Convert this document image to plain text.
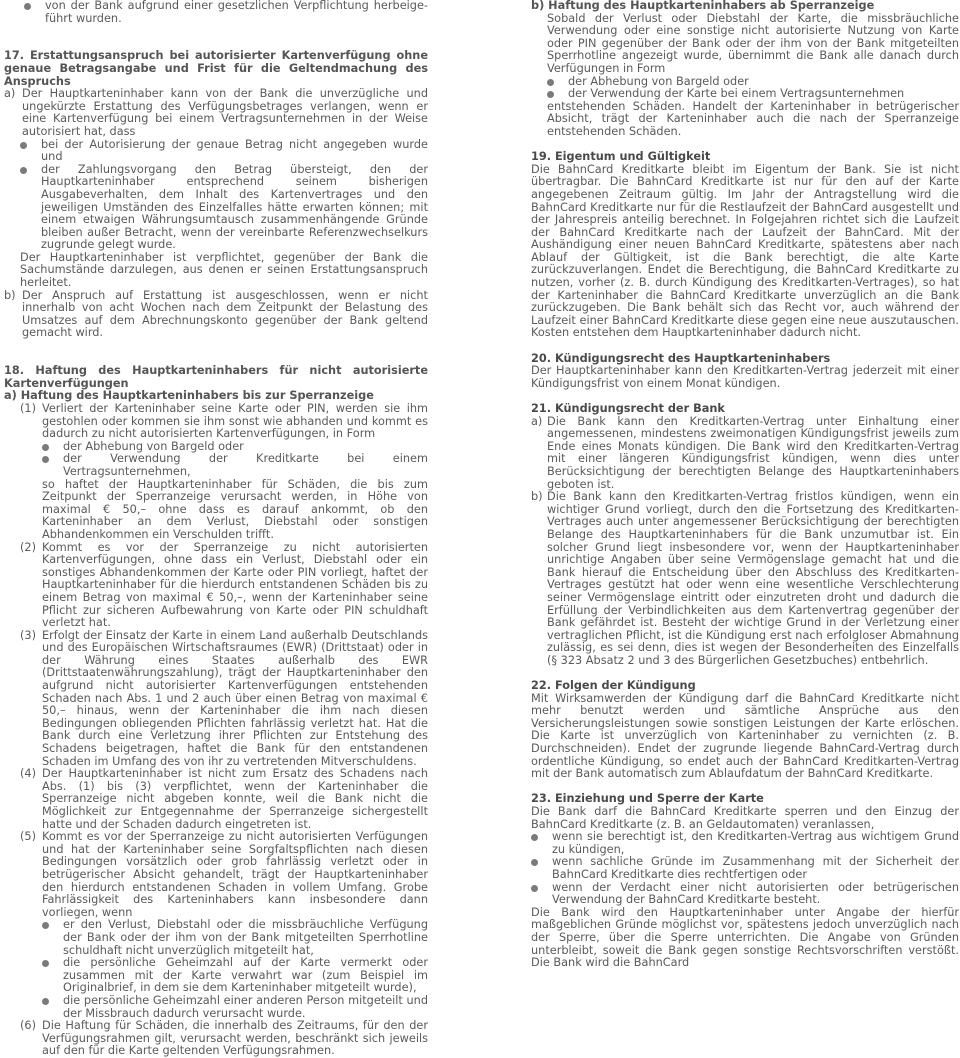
von der Bank aufgrund einer gesetzlichen Verpflichtung herbeige- führt wurden.

17. Erstattungsanspruch bei autorisierter Kartenverfügung ohne genaue Betragsangabe und Frist für die Geltendmachung des Anspruchs

a) Der Hauptkarteninhaber kann von der Bank die unverzügliche und ungekürzte Erstattung des Verfügungsbetrages verlangen, wenn er eine Kartenverfügung bei einem Vertragsunternehmen in der Weise autorisiert hat, dass

bei der Autorisierung der genaue Betrag nicht angegeben wurde und

der Zahlungsvorgang den Betrag übersteigt, den der Hauptkarteninhaber entsprechend seinem bisherigen Ausgabeverhalten, dem Inhalt des Kartenvertrages und den jeweiligen Umständen des Einzelfalles hätte erwarten können; mit einem etwaigen Währungsumtausch zusammenhängende Gründe bleiben außer Betracht, wenn der vereinbarte Referenzwechselkurs zugrunde gelegt wurde.

Der Hauptkarteninhaber ist verpflichtet, gegenüber der Bank die Sachumstände darzulegen, aus denen er seinen Erstattungsanspruch herleitet.

b) Der Anspruch auf Erstattung ist ausgeschlossen, wenn er nicht innerhalb von acht Wochen nach dem Zeitpunkt der Belastung des Umsatzes auf dem Abrechnungskonto gegenüber der Bank geltend gemacht wird.

18. Haftung des Hauptkarteninhabers für nicht autorisierte Kartenverfügungen

a) Haftung des Hauptkarteninhabers bis zur Sperranzeige

(1) Verliert der Karteninhaber seine Karte oder PIN, werden sie ihm gestohlen oder kommen sie ihm sonst wie abhanden und kommt es dadurch zu nicht autorisierten Kartenverfügungen, in Form

der Abhebung von Bargeld oder

der Verwendung der Kreditkarte bei einem Vertragsunternehmen,

so haftet der Hauptkarteninhaber für Schäden, die bis zum Zeitpunkt der Sperranzeige verursacht werden, in Höhe von maximal € 50,– ohne dass es darauf ankommt, ob den Karteninhaber an dem Verlust, Diebstahl oder sonstigen Abhandenkommen ein Verschulden trifft.

(2) Kommt es vor der Sperranzeige zu nicht autorisierten Kartenverfügungen, ohne dass ein Verlust, Diebstahl oder ein sonstiges Abhandenkommen der Karte oder PIN vorliegt, haftet der Hauptkarteninhaber für die hierdurch entstandenen Schäden bis zu einem Betrag von maximal € 50,–, wenn der Karteninhaber seine Pflicht zur sicheren Aufbewahrung von Karte oder PIN schuldhaft verletzt hat.

(3) Erfolgt der Einsatz der Karte in einem Land außerhalb Deutschlands und des Europäischen Wirtschaftsraumes (EWR) (Drittstaat) oder in der Währung eines Staates außerhalb des EWR (Drittstaatenwährungszahlung), trägt der Hauptkarteninhaber den aufgrund nicht autorisierter Kartenverfügungen entstehenden Schaden nach Abs. 1 und 2 auch über einen Betrag von maximal € 50,– hinaus, wenn der Karteninhaber die ihm nach diesen Bedingungen obliegenden Pflichten fahrlässig verletzt hat. Hat die Bank durch eine Verletzung ihrer Pflichten zur Entstehung des Schadens beigetragen, haftet die Bank für den entstandenen Schaden im Umfang des von ihr zu vertretenden Mitverschuldens.

(4) Der Hauptkarteninhaber ist nicht zum Ersatz des Schadens nach Abs. (1) bis (3) verpflichtet, wenn der Karteninhaber die Sperranzeige nicht abgeben konnte, weil die Bank nicht die Möglichkeit zur Entgegennahme der Sperranzeige sichergestellt hatte und der Schaden dadurch eingetreten ist.

(5) Kommt es vor der Sperranzeige zu nicht autorisierten Verfügungen und hat der Karteninhaber seine Sorgfaltspflichten nach diesen Bedingungen vorsätzlich oder grob fahrlässig verletzt oder in betrügerischer Absicht gehandelt, trägt der Hauptkarteninhaber den hierdurch entstandenen Schaden in vollem Umfang. Grobe Fahrlässigkeit des Karteninhabers kann insbesondere dann vorliegen, wenn

er den Verlust, Diebstahl oder die missbräuchliche Verfügung der Bank oder der ihm von der Bank mitgeteilten Sperrhotline schuldhaft nicht unverzüglich mitgeteilt hat,

die persönliche Geheimzahl auf der Karte vermerkt oder zusammen mit der Karte verwahrt war (zum Beispiel im Originalbrief, in dem sie dem Karteninhaber mitgeteilt wurde),

die persönliche Geheimzahl einer anderen Person mitgeteilt und der Missbrauch dadurch verursacht wurde.

(6) Die Haftung für Schäden, die innerhalb des Zeitraums, für den der Verfügungsrahmen gilt, verursacht werden, beschränkt sich jeweils auf den für die Karte geltenden Verfügungsrahmen.

b) Haftung des Hauptkarteninhabers ab Sperranzeige

Sobald der Verlust oder Diebstahl der Karte, die missbräuchliche Verwendung oder eine sonstige nicht autorisierte Nutzung von Karte oder PIN gegenüber der Bank oder der ihm von der Bank mitgeteilten Sperrhotline angezeigt wurde, übernimmt die Bank alle danach durch Verfügungen in Form

der Abhebung von Bargeld oder

der Verwendung der Karte bei einem Vertragsunternehmen

entstehenden Schäden. Handelt der Karteninhaber in betrügerischer Absicht, trägt der Karteninhaber auch die nach der Sperranzeige entstehenden Schäden.

19. Eigentum und Gültigkeit

Die BahnCard Kreditkarte bleibt im Eigentum der Bank. Sie ist nicht übertragbar. Die BahnCard Kreditkarte ist nur für den auf der Karte angegebenen Zeitraum gültig. Im Jahr der Antragstellung wird die BahnCard Kreditkarte nur für die Restlaufzeit der BahnCard ausgestellt und der Jahrespreis anteilig berechnet. In Folgejahren richtet sich die Laufzeit der BahnCard Kreditkarte nach der Laufzeit der BahnCard. Mit der Aushändigung einer neuen BahnCard Kreditkarte, spätestens aber nach Ablauf der Gültigkeit, ist die Bank berechtigt, die alte Karte zurückzuverlangen. Endet die Berechtigung, die BahnCard Kreditkarte zu nutzen, vorher (z. B. durch Kündigung des Kreditkarten-Vertrages), so hat der Karteninhaber die BahnCard Kreditkarte unverzüglich an die Bank zurückzugeben. Die Bank behält sich das Recht vor, auch während der Laufzeit einer BahnCard Kreditkarte diese gegen eine neue auszutauschen. Kosten entstehen dem Hauptkarteninhaber dadurch nicht.

20. Kündigungsrecht des Hauptkarteninhabers

Der Hauptkarteninhaber kann den Kreditkarten-Vertrag jederzeit mit einer Kündigungsfrist von einem Monat kündigen.

21. Kündigungsrecht der Bank

a) Die Bank kann den Kreditkarten-Vertrag unter Einhaltung einer angemessenen, mindestens zweimonatigen Kündigungsfrist jeweils zum Ende eines Monats kündigen. Die Bank wird den Kreditkarten-Vertrag mit einer längeren Kündigungsfrist kündigen, wenn dies unter Berücksichtigung der berechtigten Belange des Hauptkarteninhabers geboten ist.

b) Die Bank kann den Kreditkarten-Vertrag fristlos kündigen, wenn ein wichtiger Grund vorliegt, durch den die Fortsetzung des Kreditkarten-Vertrages auch unter angemessener Berücksichtigung der berechtigten Belange des Hauptkarteninhabers für die Bank unzumutbar ist. Ein solcher Grund liegt insbesondere vor, wenn der Hauptkarteninhaber unrichtige Angaben über seine Vermögenslage gemacht hat und die Bank hierauf die Entscheidung über den Abschluss des Kreditkarten-Vertrages gestützt hat oder wenn eine wesentliche Verschlechterung seiner Vermögenslage eintritt oder einzutreten droht und dadurch die Erfüllung der Verbindlichkeiten aus dem Kartenvertrag gegenüber der Bank gefährdet ist. Besteht der wichtige Grund in der Verletzung einer vertraglichen Pflicht, ist die Kündigung erst nach erfolgloser Abmahnung zulässig, es sei denn, dies ist wegen der Besonderheiten des Einzelfalls (§ 323 Absatz 2 und 3 des Bürgerlichen Gesetzbuches) entbehrlich.

22. Folgen der Kündigung

Mit Wirksamwerden der Kündigung darf die BahnCard Kreditkarte nicht mehr benutzt werden und sämtliche Ansprüche aus den Versicherungsleistungen sowie sonstigen Leistungen der Karte erlöschen. Die Karte ist unverzüglich von Karteninhaber zu vernichten (z. B. Durchschneiden). Endet der zugrunde liegende BahnCard-Vertrag durch ordentliche Kündigung, so endet auch der BahnCard Kreditkarten-Vertrag mit der Bank automatisch zum Ablaufdatum der BahnCard Kreditkarte.

23. Einziehung und Sperre der Karte

Die Bank darf die BahnCard Kreditkarte sperren und den Einzug der BahnCard Kreditkarte (z. B. an Geldautomaten) veranlassen,

wenn sie berechtigt ist, den Kreditkarten-Vertrag aus wichtigem Grund zu kündigen,

wenn sachliche Gründe im Zusammenhang mit der Sicherheit der BahnCard Kreditkarte dies rechtfertigen oder

wenn der Verdacht einer nicht autorisierten oder betrügerischen Verwendung der BahnCard Kreditkarte besteht.

Die Bank wird den Hauptkarteninhaber unter Angabe der hierfür maßgeblichen Gründe möglichst vor, spätestens jedoch unverzüglich nach der Sperre, über die Sperre unterrichten. Die Angabe von Gründen unterbleibt, soweit die Bank gegen sonstige Rechtsvorschriften verstößt. Die Bank wird die BahnCard
